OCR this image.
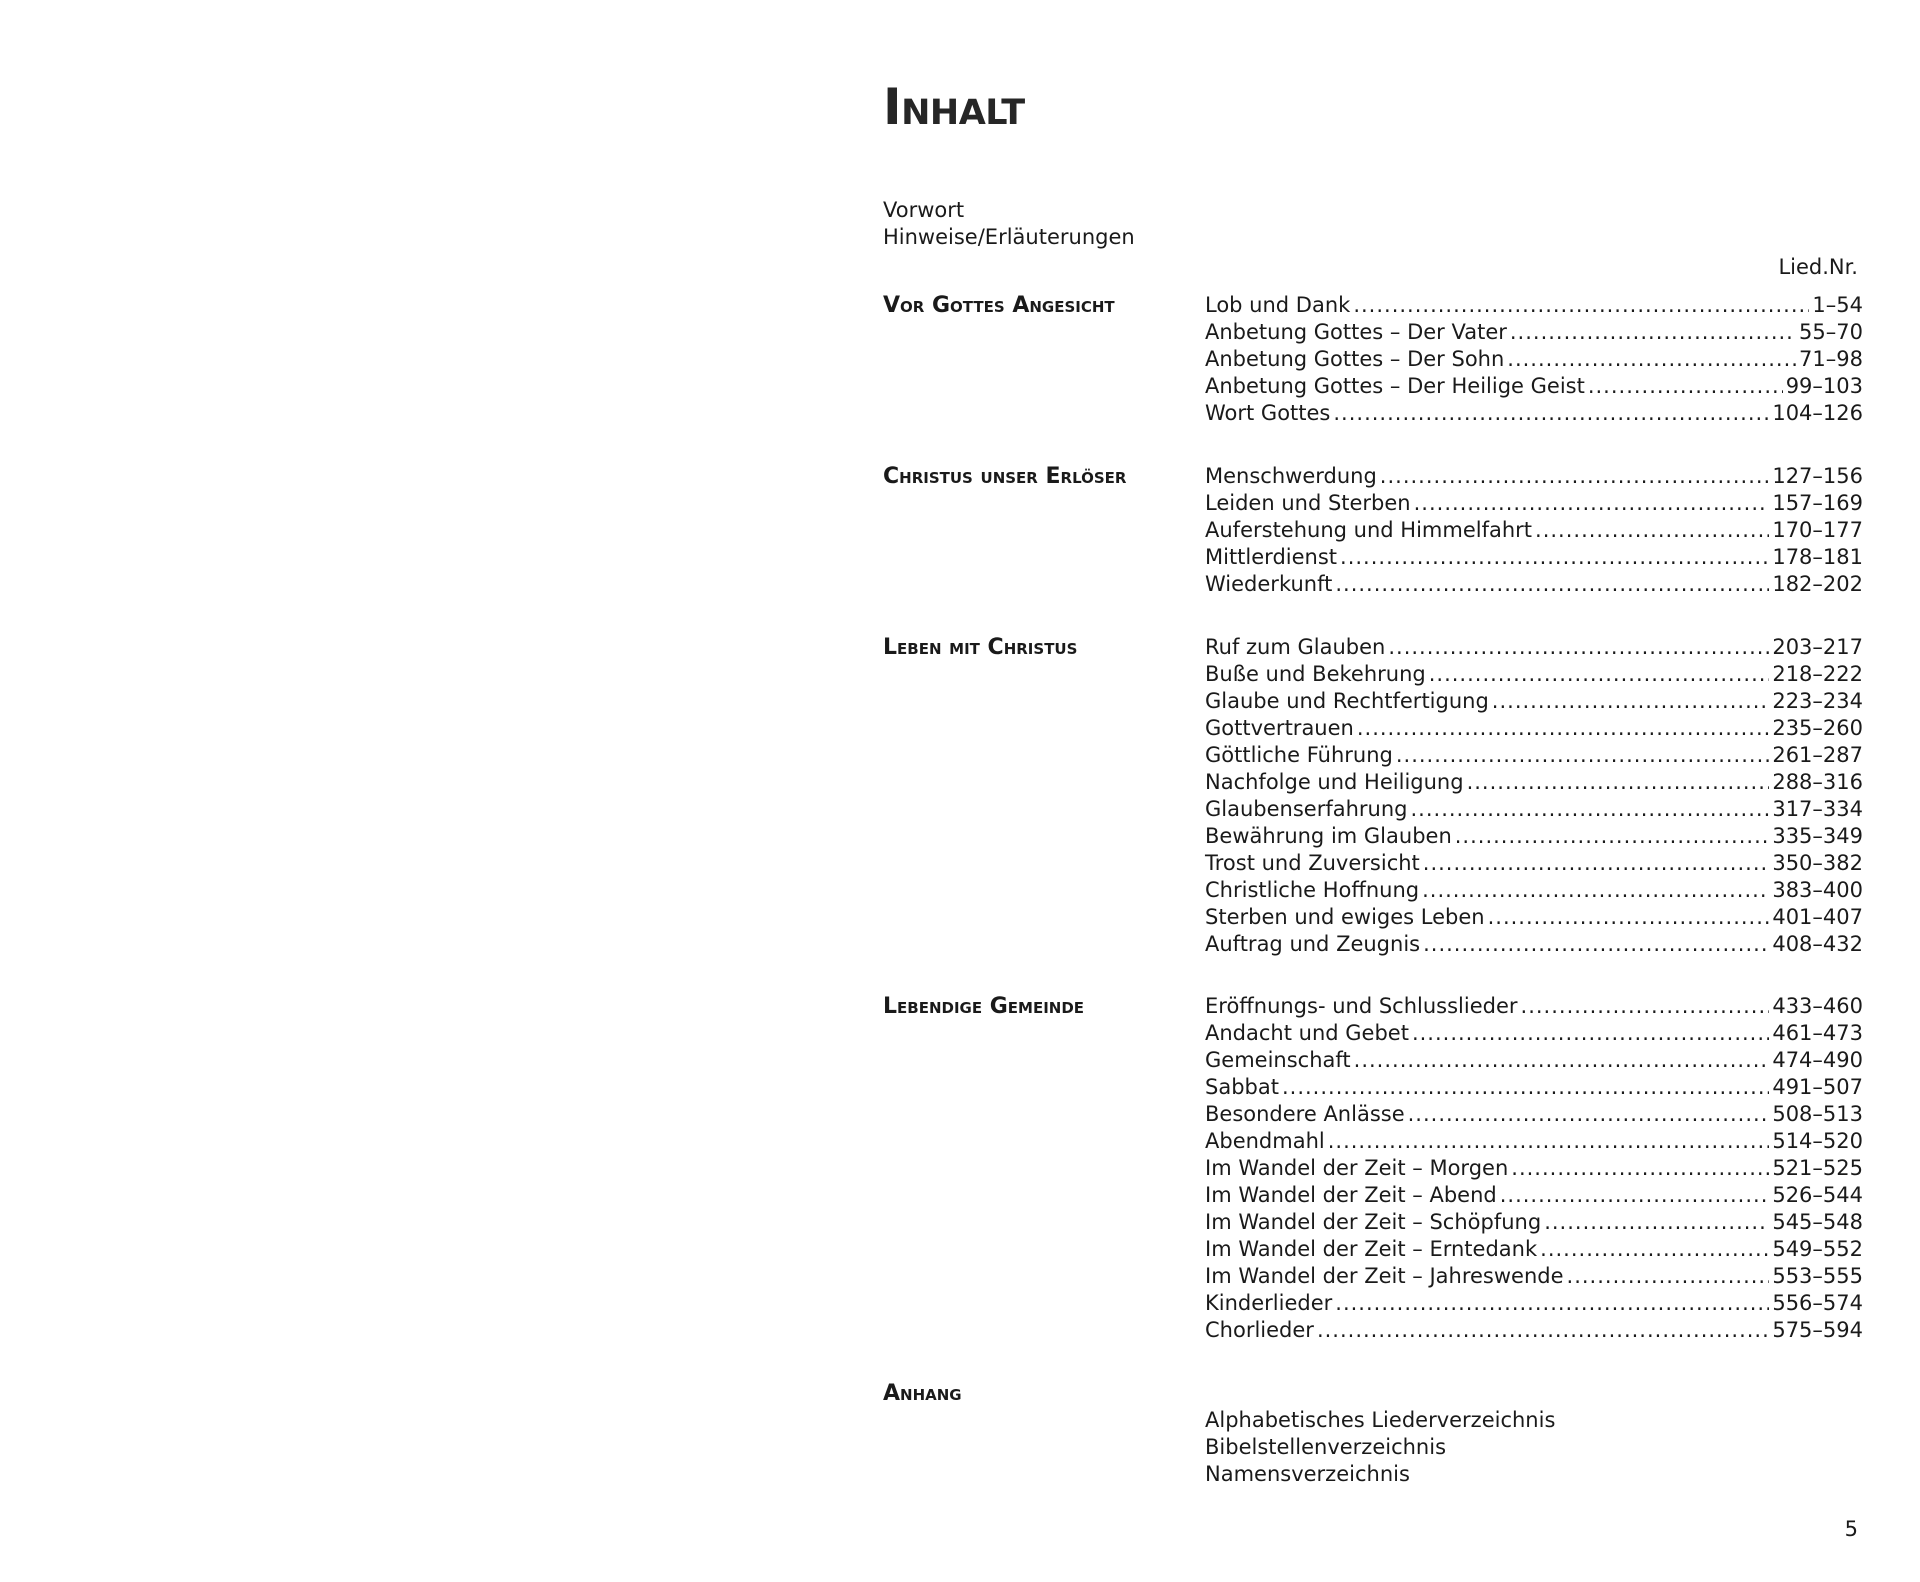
Inhalt
Vorwort
Hinweise/Erläuterungen
Lied.Nr.
Vor Gottes Angesicht	Lob und Dank .....	1–54
Anbetung Gottes – Der Vater .....	55–70
Anbetung Gottes – Der Sohn .....	71–98
Anbetung Gottes – Der Heilige Geist .....	99–103
Wort Gottes .....	104–126
Christus unser Erlöser	Menschwerdung .....	127–156
Leiden und Sterben .....	157–169
Auferstehung und Himmelfahrt .....	170–177
Mittlerdienst .....	178–181
Wiederkunft .....	182–202
Leben mit Christus	Ruf zum Glauben .....	203–217
Buße und Bekehrung .....	218–222
Glaube und Rechtfertigung .....	223–234
Gottvertrauen .....	235–260
Göttliche Führung .....	261–287
Nachfolge und Heiligung .....	288–316
Glaubenserfahrung .....	317–334
Bewährung im Glauben .....	335–349
Trost und Zuversicht .....	350–382
Christliche Hoffnung .....	383–400
Sterben und ewiges Leben .....	401–407
Auftrag und Zeugnis .....	408–432
Lebendige Gemeinde	Eröffnungs- und Schlusslieder .....	433–460
Andacht und Gebet .....	461–473
Gemeinschaft .....	474–490
Sabbat .....	491–507
Besondere Anlässe .....	508–513
Abendmahl .....	514–520
Im Wandel der Zeit – Morgen .....	521–525
Im Wandel der Zeit – Abend .....	526–544
Im Wandel der Zeit – Schöpfung .....	545–548
Im Wandel der Zeit – Erntedank .....	549–552
Im Wandel der Zeit – Jahreswende .....	553–555
Kinderlieder .....	556–574
Chorlieder .....	575–594
Anhang
Alphabetisches Liederverzeichnis
Bibelstellenverzeichnis
Namensverzeichnis
5
